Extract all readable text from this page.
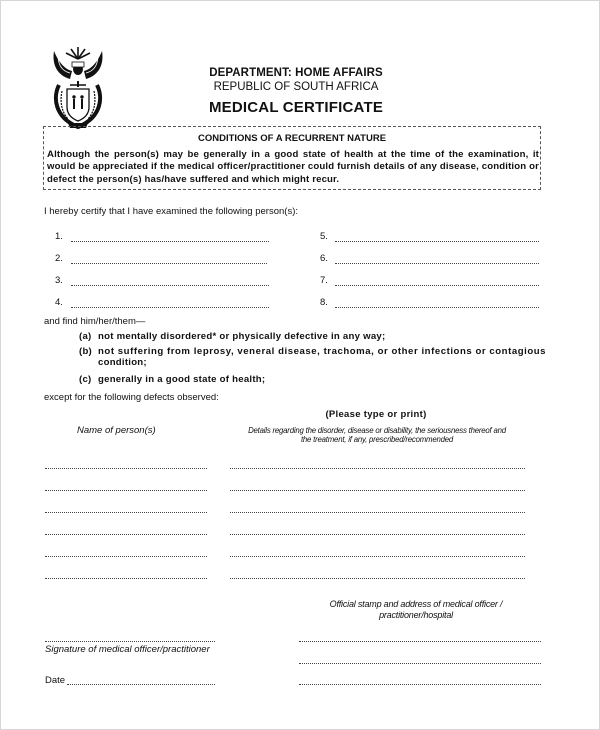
DEPARTMENT: HOME AFFAIRS
REPUBLIC OF SOUTH AFRICA
MEDICAL CERTIFICATE
CONDITIONS OF A RECURRENT NATURE
Although the person(s) may be generally in a good state of health at the time of the examination, it would be appreciated if the medical officer/practitioner could furnish details of any disease, condition or defect the person(s) has/have suffered and which might recur.
I hereby certify that I have examined the following person(s):
1.
2.
3.
4.
5.
6.
7.
8.
and find him/her/them—
(a) not mentally disordered* or physically defective in any way;
(b) not suffering from leprosy, veneral disease, trachoma, or other infections or contagious
condition;
(c) generally in a good state of health;
except for the following defects observed:
(Please type or print)
Name of person(s)	Details regarding the disorder, disease or disability, the seriousness thereof and
the treatment, if any, prescribed/recommended
Official stamp and address of medical officer /
practitioner/hospital
Signature of medical officer/practitioner
Date
